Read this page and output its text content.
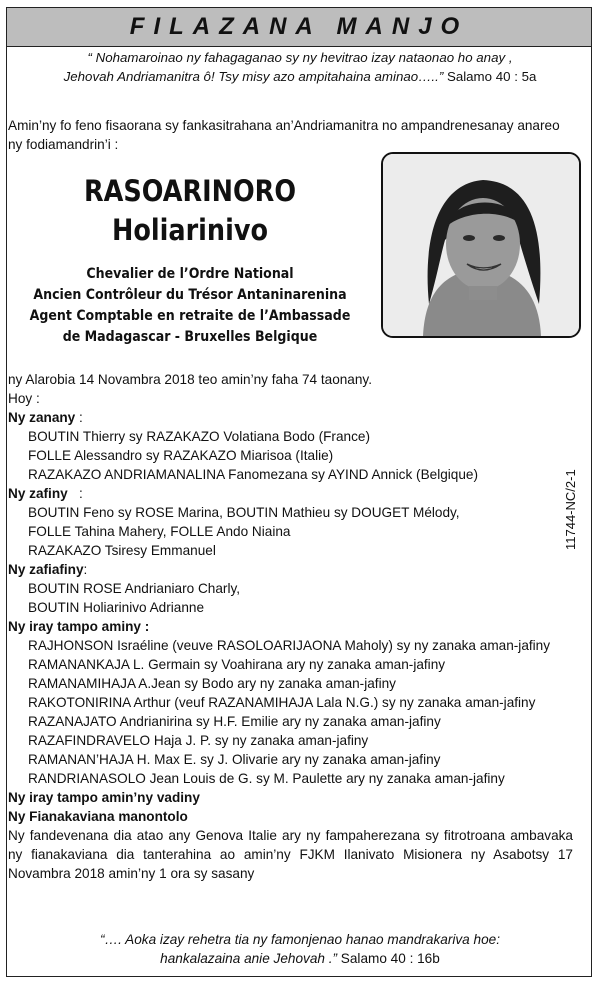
FILAZANA MANJO
“ Nohamaroinao ny fahagaganao sy ny hevitrao izay nataonao ho anay ,
Jehovah Andriamanitra ô! Tsy misy azo ampitahaina aminao…..” Salamo 40 : 5a
Amin’ny fo feno fisaorana sy fankasitrahana an’Andriamanitra no ampandrenesanay anareo ny fodiamandrin’i :
RASOARINORO
Holiarinivo
Chevalier de l’Ordre National
Ancien Contrôleur du Trésor Antaninarenina
Agent Comptable en retraite de l’Ambassade
de Madagascar - Bruxelles Belgique
ny Alarobia 14 Novambra 2018 teo amin’ny faha 74 taonany.
Hoy :
Ny zanany :
BOUTIN Thierry sy RAZAKAZO Volatiana Bodo (France)
FOLLE Alessandro sy RAZAKAZO Miarisoa (Italie)
RAZAKAZO ANDRIAMANALINA Fanomezana sy AYIND Annick (Belgique)
Ny zafiny   :
BOUTIN Feno sy ROSE Marina, BOUTIN Mathieu sy DOUGET Mélody,
FOLLE Tahina Mahery, FOLLE Ando Niaina
RAZAKAZO Tsiresy Emmanuel
Ny zafiafiny:
BOUTIN ROSE Andrianiaro Charly,
BOUTIN Holiarinivo Adrianne
Ny iray tampo aminy :
RAJHONSON Israéline (veuve RASOLOARIJAONA Maholy) sy ny zanaka aman-jafiny
RAMANANKAJA L. Germain sy Voahirana ary ny zanaka aman-jafiny
RAMANAMIHAJA A.Jean sy Bodo ary ny zanaka aman-jafiny
RAKOTONIRINA Arthur (veuf RAZANAMIHAJA Lala N.G.) sy ny zanaka aman-jafiny
RAZANAJATO Andrianirina sy H.F. Emilie ary ny zanaka aman-jafiny
RAZAFINDRAVELO Haja J. P. sy ny zanaka aman-jafiny
RAMANAN’HAJA H. Max E. sy J. Olivarie ary ny zanaka aman-jafiny
RANDRIANASOLO Jean Louis de G. sy M. Paulette ary ny zanaka aman-jafiny
Ny iray tampo amin’ny vadiny
Ny Fianakaviana manontolo
Ny fandevenana dia atao any Genova Italie ary ny fampaherezana sy fitrotroana ambavaka ny fianakaviana dia tanterahina ao amin’ny FJKM Ilanivato Misionera ny Asabotsy 17 Novambra 2018 amin’ny 1 ora sy sasany
“…. Aoka izay rehetra tia ny famonjenao hanao mandrakariva hoe:
hankalazaina anie Jehovah .” Salamo 40 : 16b
11744-NC/2-1
